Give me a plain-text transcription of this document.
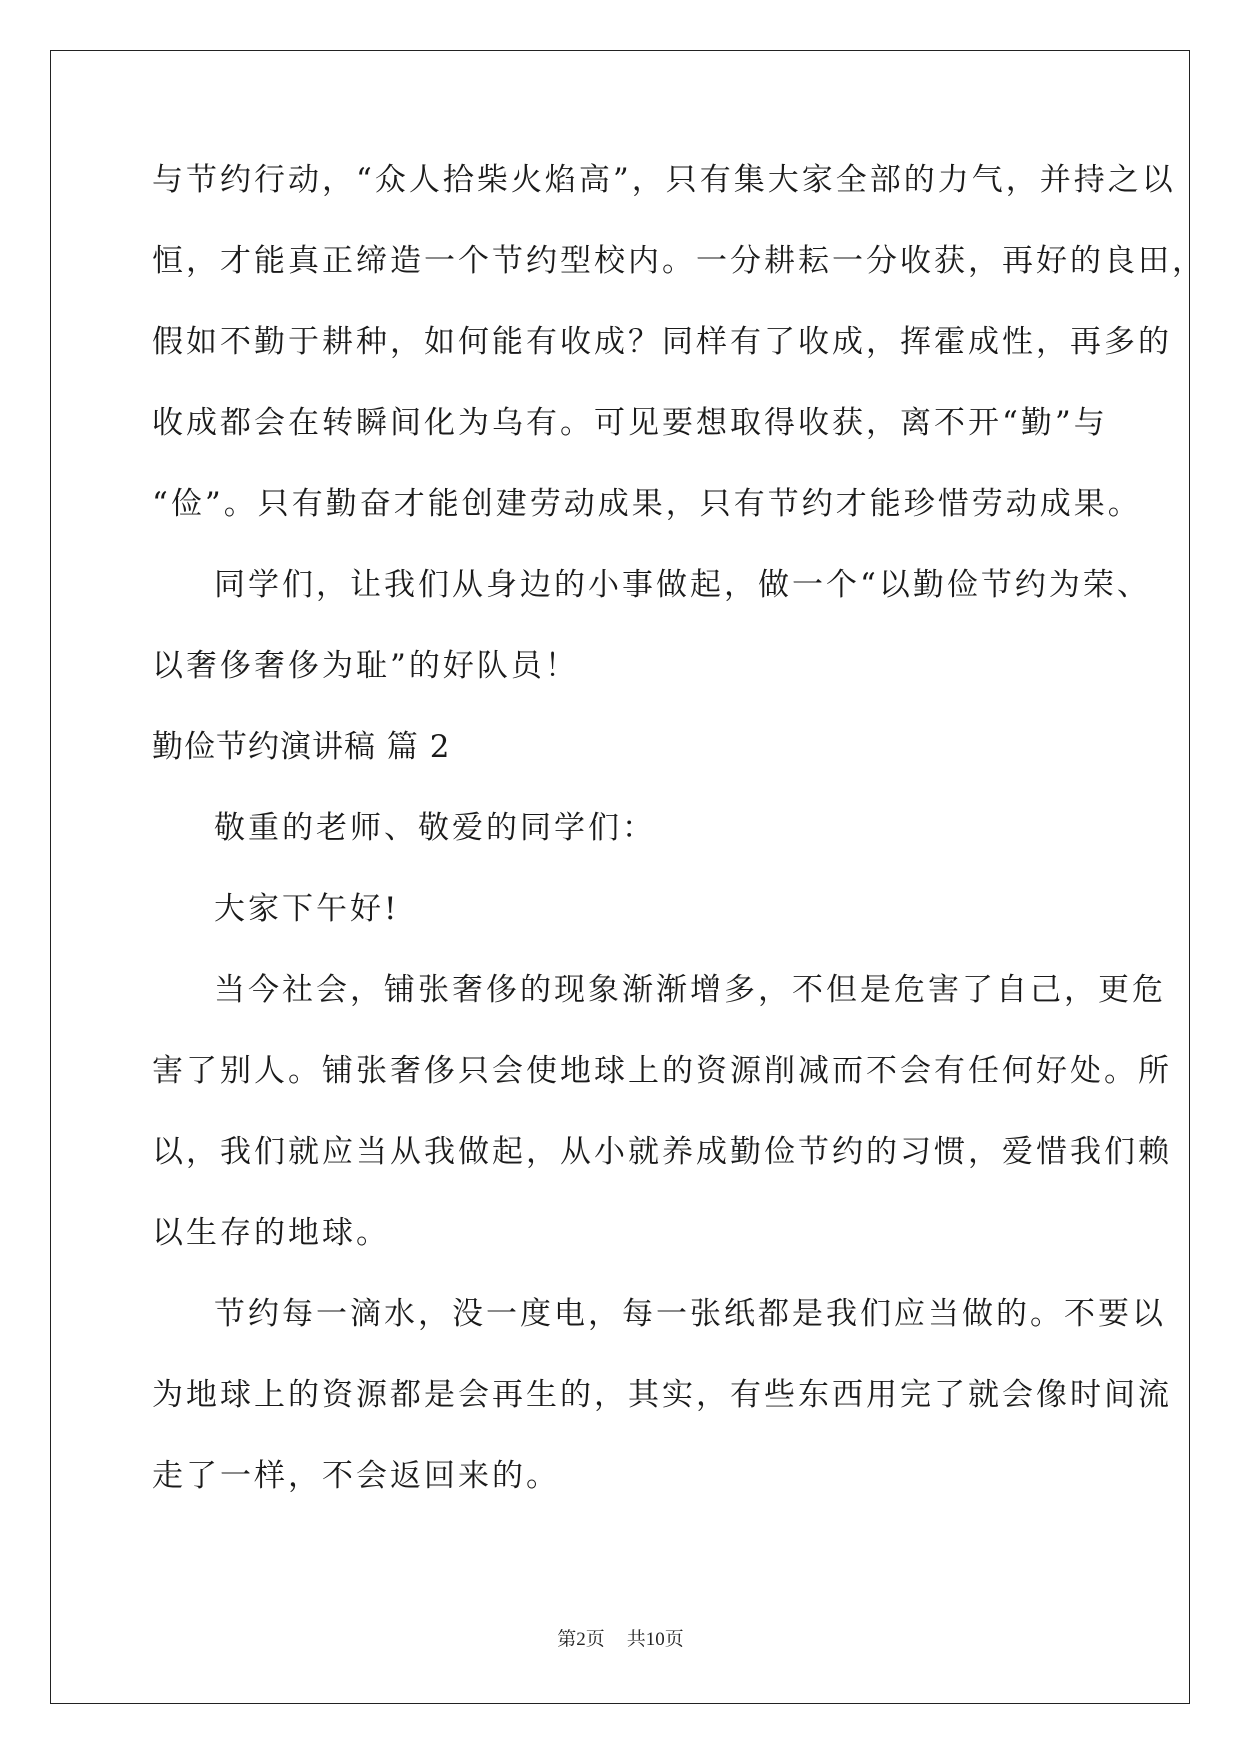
与节约行动，“众人拾柴火焰高”，只有集大家全部的力气，并持之以
恒，才能真正缔造一个节约型校内。一分耕耘一分收获，再好的良田，
假如不勤于耕种，如何能有收成？同样有了收成，挥霍成性，再多的
收成都会在转瞬间化为乌有。可见要想取得收获，离不开“勤”与
“俭”。只有勤奋才能创建劳动成果，只有节约才能珍惜劳动成果。
同学们，让我们从身边的小事做起，做一个“以勤俭节约为荣、
以奢侈奢侈为耻”的好队员！
勤俭节约演讲稿 篇 2
敬重的老师、敬爱的同学们：
大家下午好!
当今社会，铺张奢侈的现象渐渐增多，不但是危害了自己，更危
害了别人。铺张奢侈只会使地球上的资源削减而不会有任何好处。所
以，我们就应当从我做起，从小就养成勤俭节约的习惯，爱惜我们赖
以生存的地球。
节约每一滴水，没一度电，每一张纸都是我们应当做的。不要以
为地球上的资源都是会再生的，其实，有些东西用完了就会像时间流
走了一样，不会返回来的。
第2页 共10页
